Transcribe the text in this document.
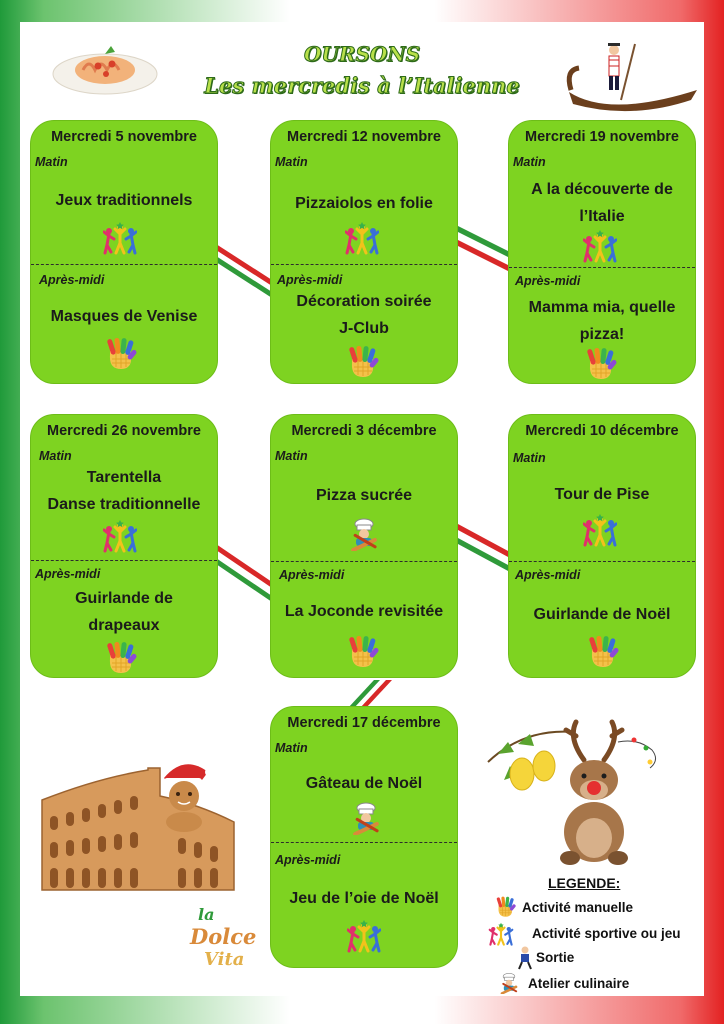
OURSONS
Les mercredis à l’Italienne
Mercredi 5 novembre
Matin
Jeux traditionnels
Après-midi
Masques de Venise
Mercredi 12 novembre
Matin
Pizzaiolos en folie
Après-midi
Décoration soirée
J-Club
Mercredi 19 novembre
Matin
A la découverte de
l’Italie
Après-midi
Mamma mia, quelle
pizza!
Mercredi 26 novembre
Matin
Tarentella
Danse traditionnelle
Après-midi
Guirlande de
drapeaux
Mercredi 3 décembre
Matin
Pizza sucrée
Après-midi
La Joconde revisitée
Mercredi 10 décembre
Matin
Tour de Pise
Après-midi
Guirlande de Noël
Mercredi 17 décembre
Matin
Gâteau de Noël
Après-midi
Jeu de l’oie de Noël
la
Dolce
Vita
LEGENDE:
Activité manuelle
Activité sportive ou jeu
Sortie
Atelier culinaire
